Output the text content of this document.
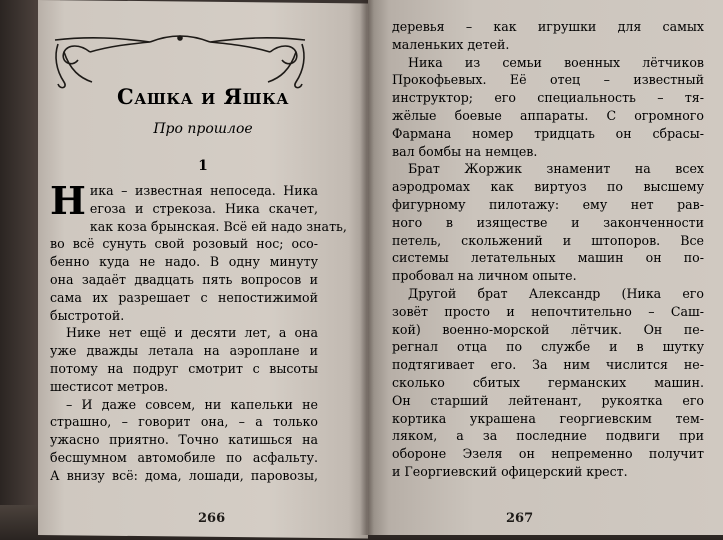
Сашка и Яшка
Про прошлое
1

Н ика – известная непоседа. Ника
егоза и стрекоза. Ника скачет,
как коза брынская. Всё ей надо знать,
во всё сунуть свой розовый нос; осо-
бенно куда не надо. В одну минуту
она задаёт двадцать пять вопросов и
сама их разрешает с непостижимой
быстротой.

Нике нет ещё и десяти лет, а она
уже дважды летала на аэроплане и
потому на подруг смотрит с высоты
шестисот метров.

– И даже совсем, ни капельки не
страшно, – говорит она, – а только
ужасно приятно. Точно катишься на
бесшумном автомобиле по асфальту.
А внизу всё: дома, лошади, паровозы,

деревья – как игрушки для самых
маленьких детей.

Ника из семьи военных лётчиков
Прокофьевых. Её отец – известный
инструктор; его специальность – тя-
жёлые боевые аппараты. С огромного
Фармана номер тридцать он сбрасы-
вал бомбы на немцев.

Брат Жоржик знаменит на всех
аэродромах как виртуоз по высшему
фигурному пилотажу: ему нет рав-
ного в изяществе и законченности
петель, скольжений и штопоров. Все
системы летательных машин он по-
пробовал на личном опыте.

Другой брат Александр (Ника его
зовёт просто и непочтительно – Саш-
кой) военно-морской лётчик. Он пе-
регнал отца по службе и в шутку
подтягивает его. За ним числится не-
сколько сбитых германских машин.
Он старший лейтенант, рукоятка его
кортика украшена георгиевским тем-
ляком, а за последние подвиги при
обороне Эзеля он непременно получит
и Георгиевский офицерский крест.

266	267
